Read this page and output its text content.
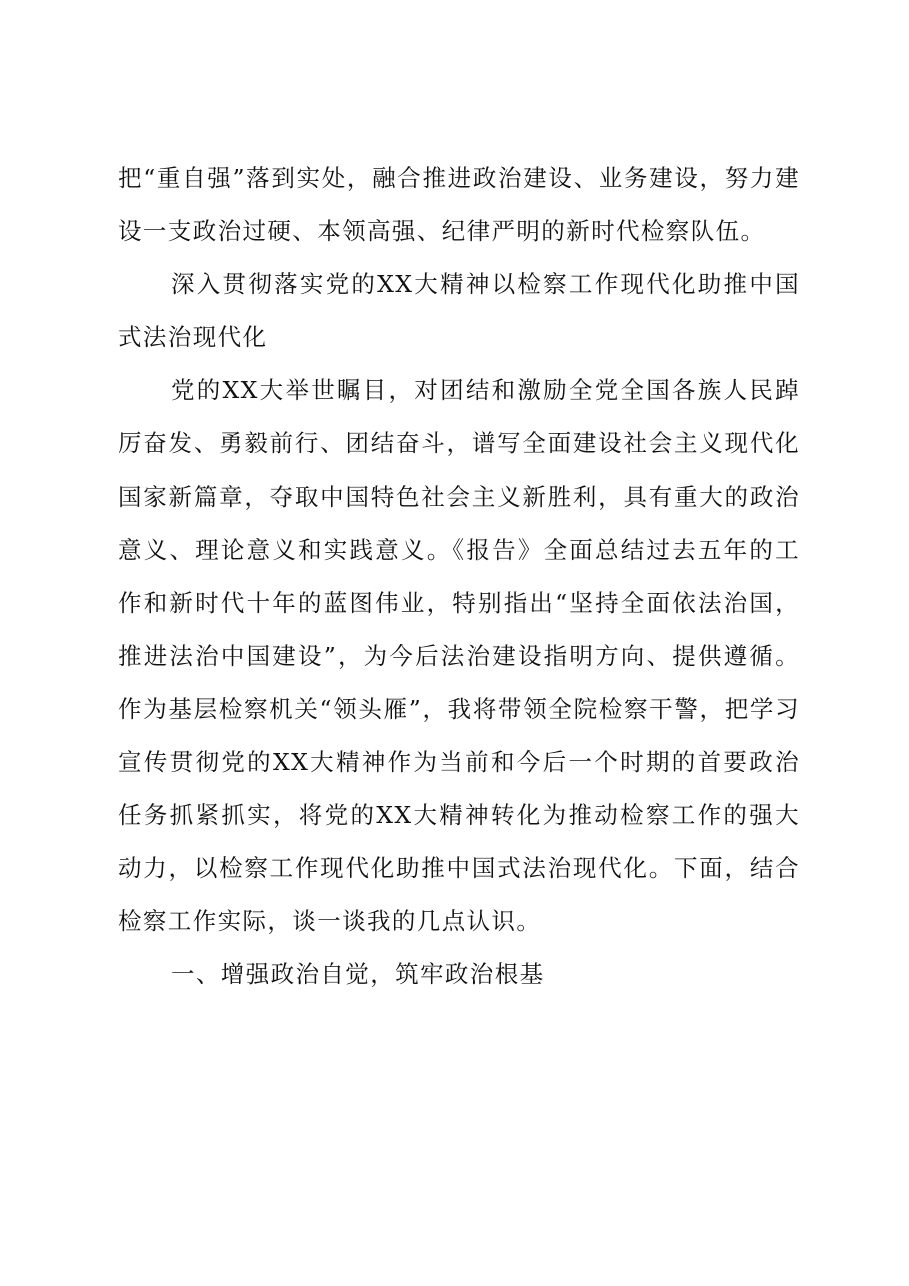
把“重自强”落到实处，融合推进政治建设、业务建设，努力建设一支政治过硬、本领高强、纪律严明的新时代检察队伍。

深入贯彻落实党的XX大精神以检察工作现代化助推中国式法治现代化

党的XX大举世瞩目，对团结和激励全党全国各族人民踔厉奋发、勇毅前行、团结奋斗，谱写全面建设社会主义现代化国家新篇章，夺取中国特色社会主义新胜利，具有重大的政治意义、理论意义和实践意义。《报告》全面总结过去五年的工作和新时代十年的蓝图伟业，特别指出“坚持全面依法治国，推进法治中国建设”，为今后法治建设指明方向、提供遵循。作为基层检察机关“领头雁”，我将带领全院检察干警，把学习宣传贯彻党的XX大精神作为当前和今后一个时期的首要政治任务抓紧抓实，将党的XX大精神转化为推动检察工作的强大动力，以检察工作现代化助推中国式法治现代化。下面，结合检察工作实际，谈一谈我的几点认识。

一、增强政治自觉，筑牢政治根基
